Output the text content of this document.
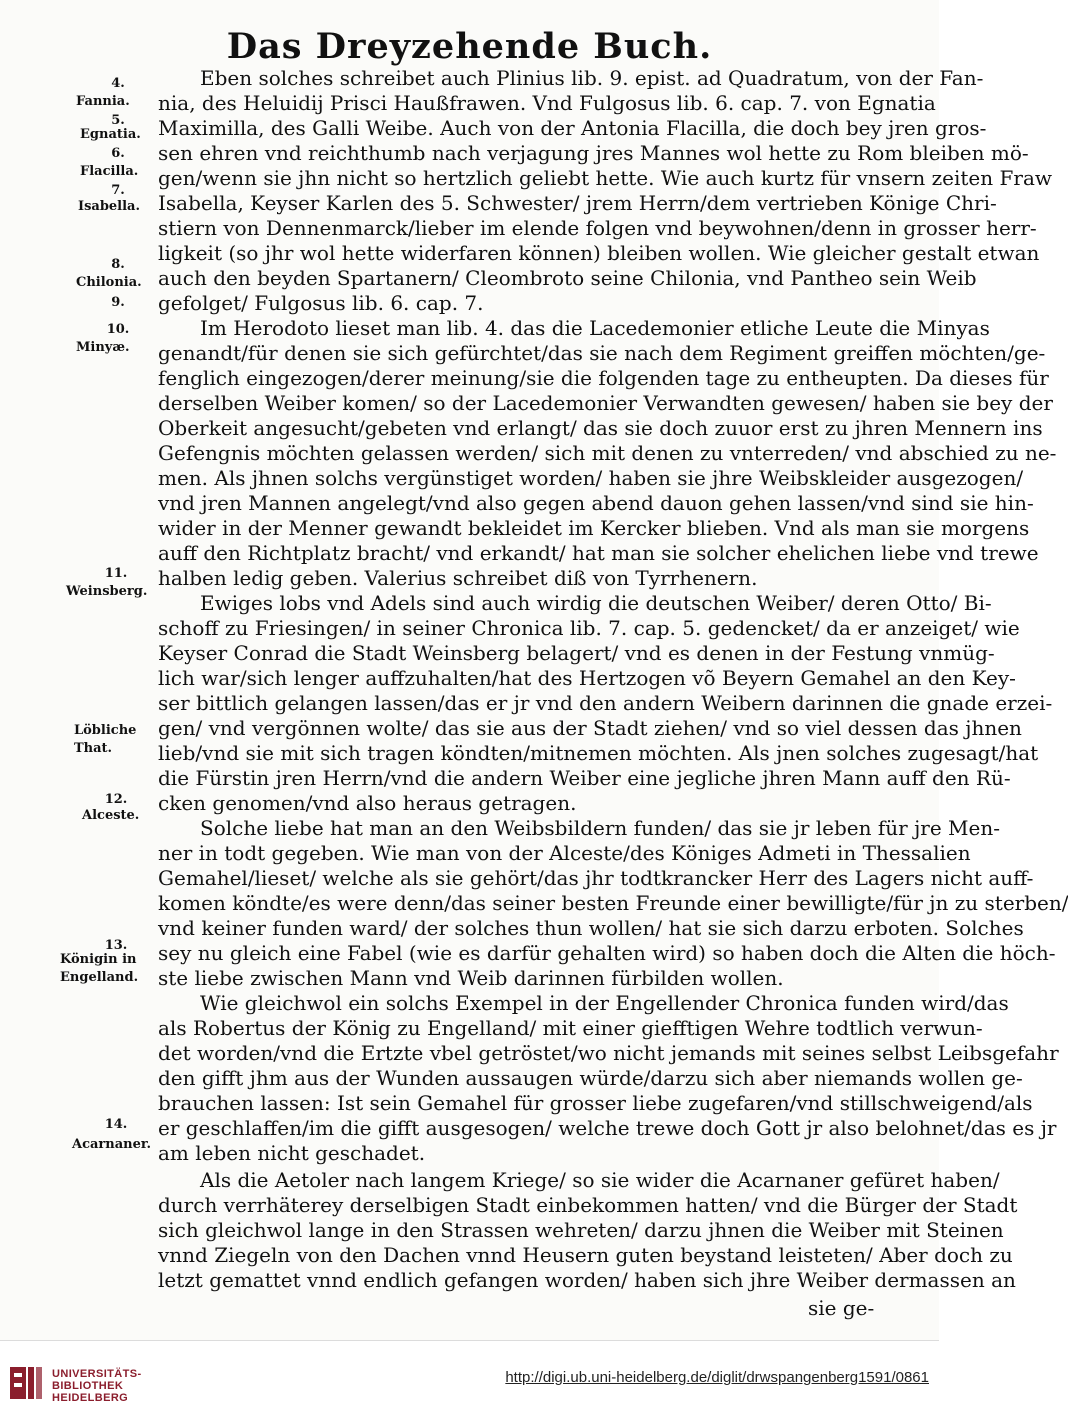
Das Dreyzehende Buch.
4.
Fannia.
5.
Egnatia.
6.
Flacilla.
7.
Isabella.
8.
Chilonia.
9.
10.
Minyæ.
11.
Weinsberg.
Löbliche That.
12.
Alceste.
13.
Königin in Engelland.
14.
Acarnaner.
Eben solches schreibet auch Plinius lib. 9. epist. ad Quadratum, von der Fan-
nia, des Heluidij Prisci Haußfrawen. Vnd Fulgosus lib. 6. cap. 7. von Egnatia
Maximilla, des Galli Weibe. Auch von der Antonia Flacilla, die doch bey jren gros-
sen ehren vnd reichthumb nach verjagung jres Mannes wol hette zu Rom bleiben mö-
gen/wenn sie jhn nicht so hertzlich geliebt hette. Wie auch kurtz für vnsern zeiten Fraw
Isabella, Keyser Karlen des 5. Schwester/ jrem Herrn/dem vertrieben Könige Chri-
stiern von Dennenmarck/lieber im elende folgen vnd beywohnen/denn in grosser herr-
ligkeit (so jhr wol hette widerfaren können) bleiben wollen. Wie gleicher gestalt etwan
auch den beyden Spartanern/ Cleombroto seine Chilonia, vnd Pantheo sein Weib
gefolget/ Fulgosus lib. 6. cap. 7.
Im Herodoto lieset man lib. 4. das die Lacedemonier etliche Leute die Minyas
genandt/für denen sie sich gefürchtet/das sie nach dem Regiment greiffen möchten/ge-
fenglich eingezogen/derer meinung/sie die folgenden tage zu entheupten. Da dieses für
derselben Weiber komen/ so der Lacedemonier Verwandten gewesen/ haben sie bey der
Oberkeit angesucht/gebeten vnd erlangt/ das sie doch zuuor erst zu jhren Mennern ins
Gefengnis möchten gelassen werden/ sich mit denen zu vnterreden/ vnd abschied zu ne-
men. Als jhnen solchs vergünstiget worden/ haben sie jhre Weibskleider ausgezogen/
vnd jren Mannen angelegt/vnd also gegen abend dauon gehen lassen/vnd sind sie hin-
wider in der Menner gewandt bekleidet im Kercker blieben. Vnd als man sie morgens
auff den Richtplatz bracht/ vnd erkandt/ hat man sie solcher ehelichen liebe vnd trewe
halben ledig geben. Valerius schreibet diß von Tyrrhenern.
Ewiges lobs vnd Adels sind auch wirdig die deutschen Weiber/ deren Otto/ Bi-
schoff zu Friesingen/ in seiner Chronica lib. 7. cap. 5. gedencket/ da er anzeiget/ wie
Keyser Conrad die Stadt Weinsberg belagert/ vnd es denen in der Festung vnmüg-
lich war/sich lenger auffzuhalten/hat des Hertzogen võ Beyern Gemahel an den Key-
ser bittlich gelangen lassen/das er jr vnd den andern Weibern darinnen die gnade erzei-
gen/ vnd vergönnen wolte/ das sie aus der Stadt ziehen/ vnd so viel dessen das jhnen
lieb/vnd sie mit sich tragen köndten/mitnemen möchten. Als jnen solches zugesagt/hat
die Fürstin jren Herrn/vnd die andern Weiber eine jegliche jhren Mann auff den Rü-
cken genomen/vnd also heraus getragen.
Solche liebe hat man an den Weibsbildern funden/ das sie jr leben für jre Men-
ner in todt gegeben. Wie man von der Alceste/des Königes Admeti in Thessalien
Gemahel/lieset/ welche als sie gehört/das jhr todtkrancker Herr des Lagers nicht auff-
komen köndte/es were denn/das seiner besten Freunde einer bewilligte/für jn zu sterben/
vnd keiner funden ward/ der solches thun wollen/ hat sie sich darzu erboten. Solches
sey nu gleich eine Fabel (wie es darfür gehalten wird) so haben doch die Alten die höch-
ste liebe zwischen Mann vnd Weib darinnen fürbilden wollen.
Wie gleichwol ein solchs Exempel in der Engellender Chronica funden wird/das
als Robertus der König zu Engelland/ mit einer giefftigen Wehre todtlich verwun-
det worden/vnd die Ertzte vbel getröstet/wo nicht jemands mit seines selbst Leibsgefahr
den gifft jhm aus der Wunden aussaugen würde/darzu sich aber niemands wollen ge-
brauchen lassen: Ist sein Gemahel für grosser liebe zugefaren/vnd stillschweigend/als
er geschlaffen/im die gifft ausgesogen/ welche trewe doch Gott jr also belohnet/das es jr
am leben nicht geschadet.
Als die Aetoler nach langem Kriege/ so sie wider die Acarnaner gefüret haben/
durch verrhäterey derselbigen Stadt einbekommen hatten/ vnd die Bürger der Stadt
sich gleichwol lange in den Strassen wehreten/ darzu jhnen die Weiber mit Steinen
vnnd Ziegeln von den Dachen vnnd Heusern guten beystand leisteten/ Aber doch zu
letzt gemattet vnnd endlich gefangen worden/ haben sich jhre Weiber dermassen an
sie ge-
UNIVERSITÄTS-
BIBLIOTHEK
HEIDELBERG
http://digi.ub.uni-heidelberg.de/diglit/drwspangenberg1591/0861
